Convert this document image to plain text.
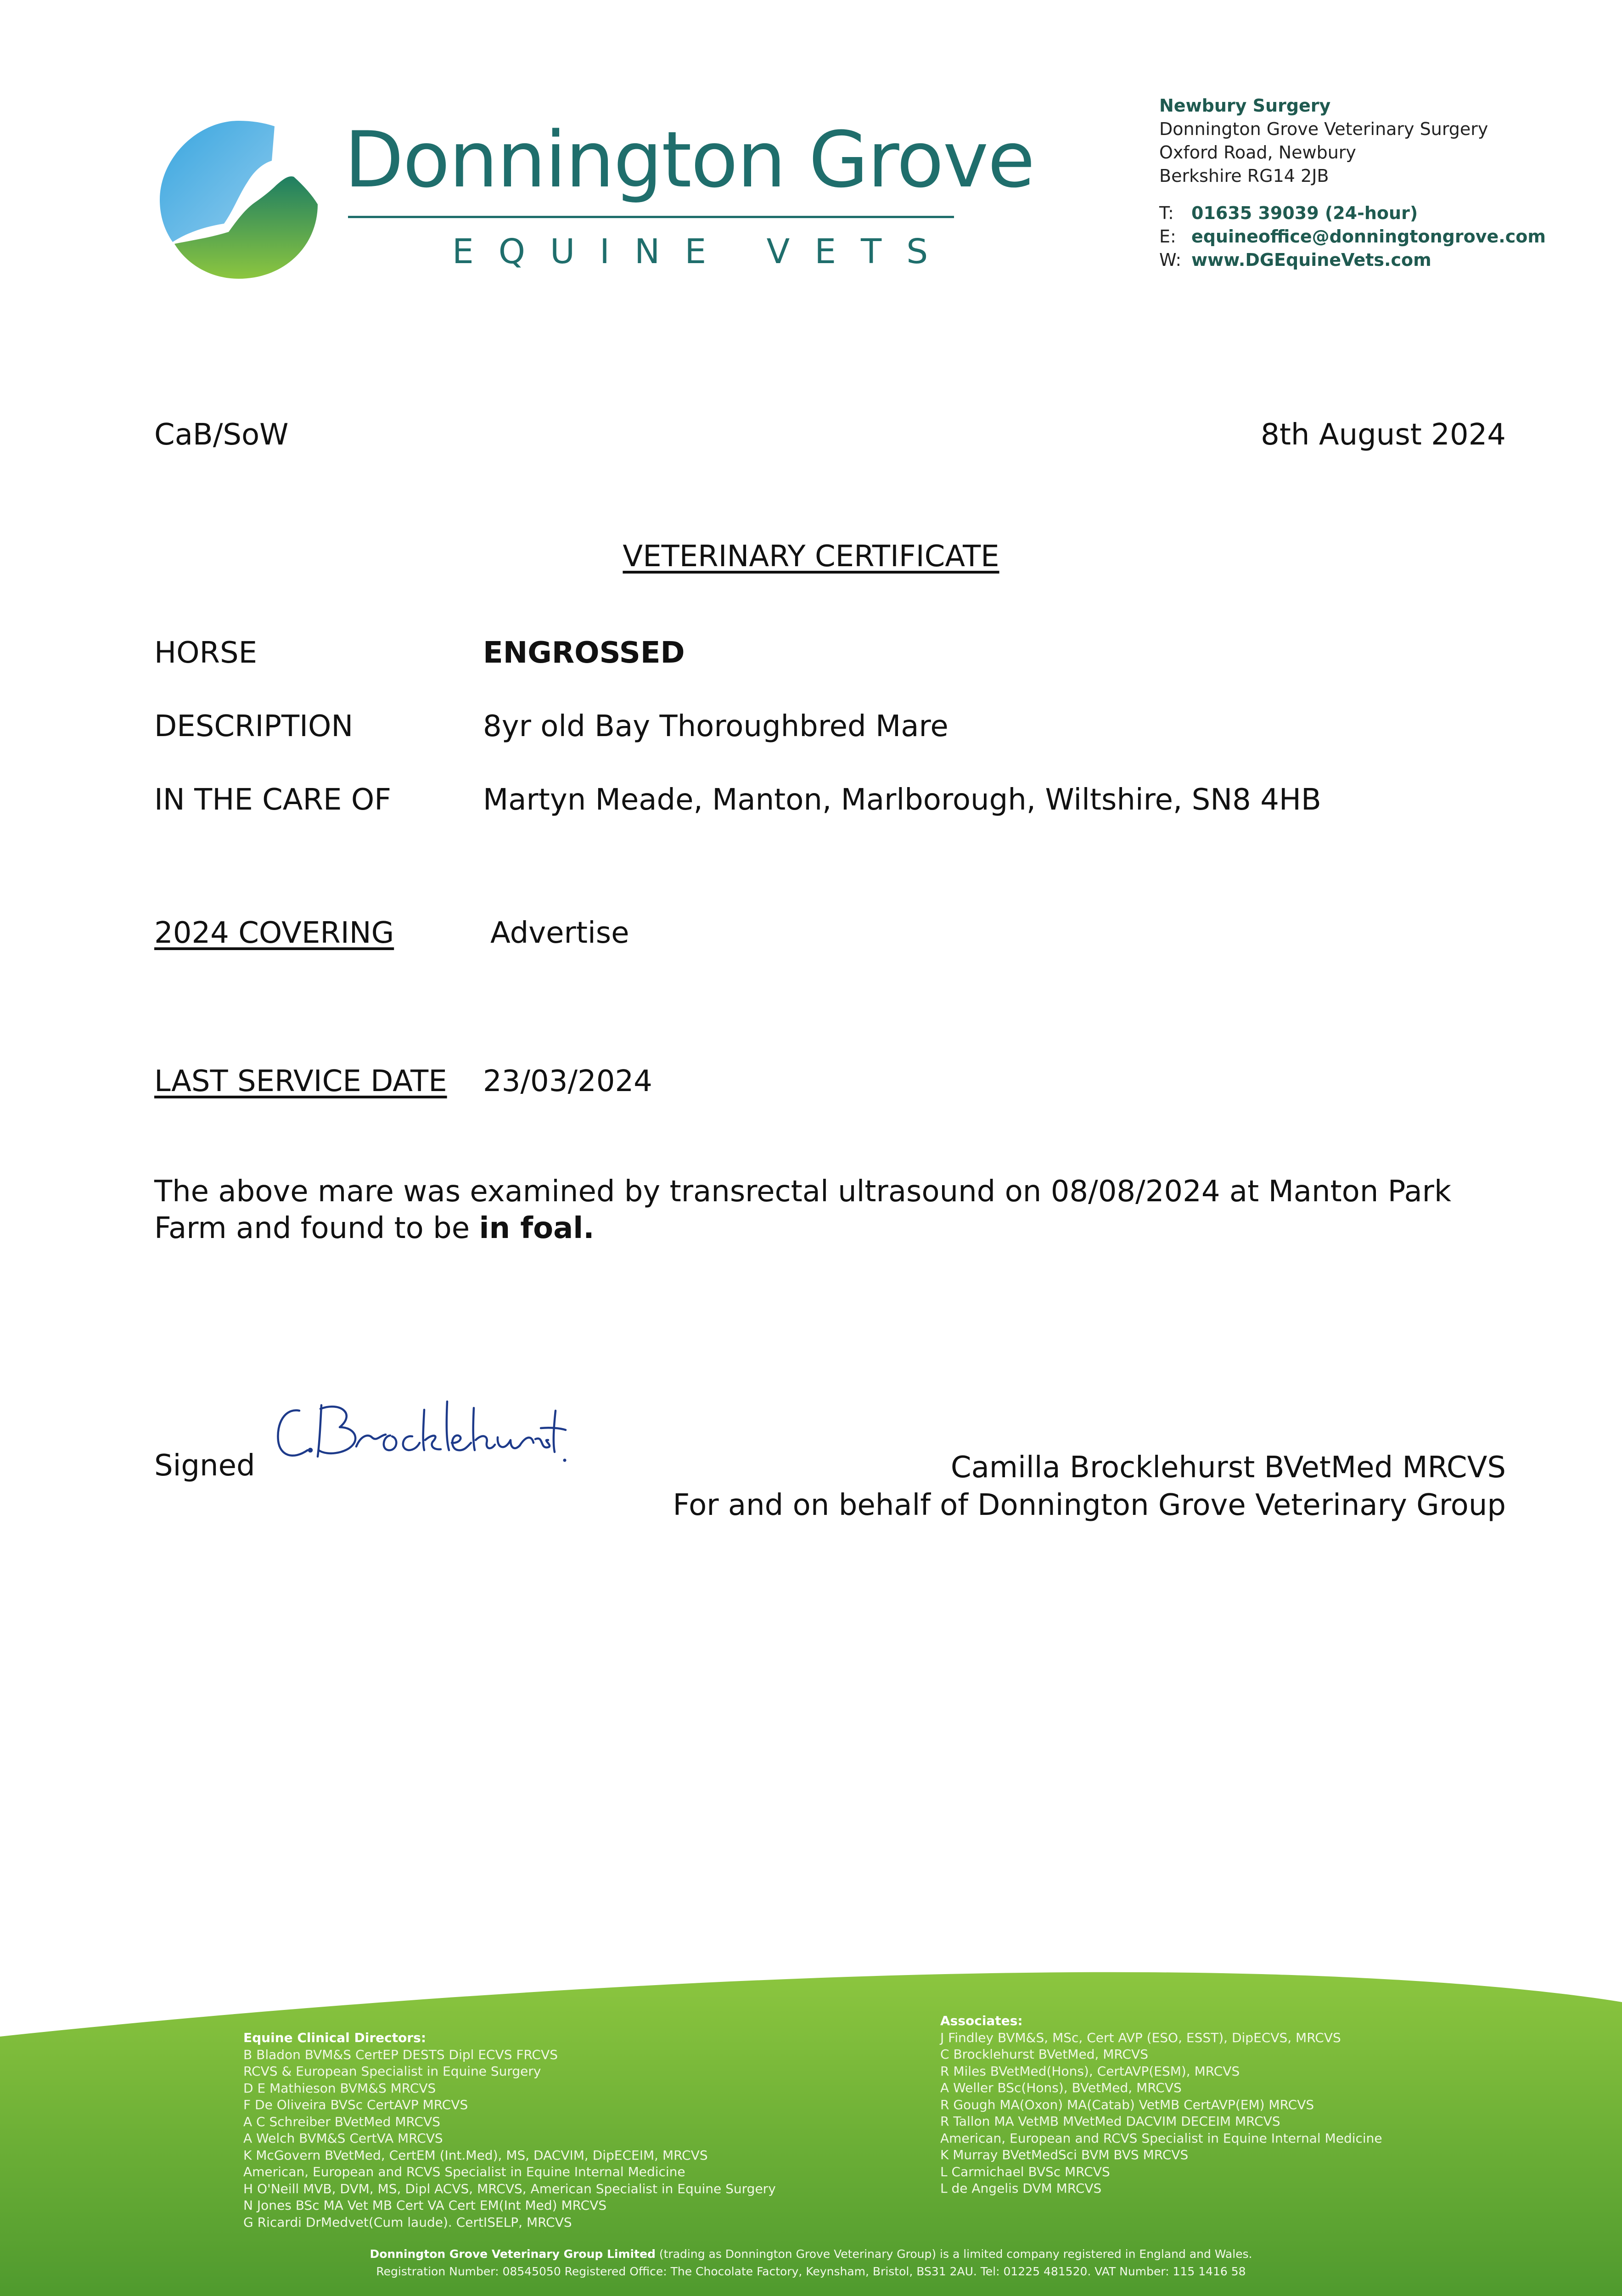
Donnington Grove
EQUINE VETS
Newbury Surgery
Donnington Grove Veterinary Surgery
Oxford Road, Newbury
Berkshire RG14 2JB
T: 01635 39039 (24-hour)
E: equineoffice@donningtongrove.com
W: www.DGEquineVets.com
CaB/SoW	8th August 2024
VETERINARY CERTIFICATE
HORSE	ENGROSSED
DESCRIPTION	8yr old Bay Thoroughbred Mare
IN THE CARE OF	Martyn Meade, Manton, Marlborough, Wiltshire, SN8 4HB
2024 COVERING	Advertise
LAST SERVICE DATE 23/03/2024
The above mare was examined by transrectal ultrasound on 08/08/2024 at Manton Park
Farm and found to be in foal.
Signed	Camilla Brocklehurst BVetMed MRCVS
For and on behalf of Donnington Grove Veterinary Group
Equine Clinical Directors:
B Bladon BVM&S CertEP DESTS Dipl ECVS FRCVS
RCVS & European Specialist in Equine Surgery
D E Mathieson BVM&S MRCVS
F De Oliveira BVSc CertAVP MRCVS
A C Schreiber BVetMed MRCVS
A Welch BVM&S CertVA MRCVS
K McGovern BVetMed, CertEM (Int.Med), MS, DACVIM, DipECEIM, MRCVS
American, European and RCVS Specialist in Equine Internal Medicine
H O'Neill MVB, DVM, MS, Dipl ACVS, MRCVS, American Specialist in Equine Surgery
N Jones BSc MA Vet MB Cert VA Cert EM(Int Med) MRCVS
G Ricardi DrMedvet(Cum laude). CertISELP, MRCVS
Associates:
J Findley BVM&S, MSc, Cert AVP (ESO, ESST), DipECVS, MRCVS
C Brocklehurst BVetMed, MRCVS
R Miles BVetMed(Hons), CertAVP(ESM), MRCVS
A Weller BSc(Hons), BVetMed, MRCVS
R Gough MA(Oxon) MA(Catab) VetMB CertAVP(EM) MRCVS
R Tallon MA VetMB MVetMed DACVIM DECEIM MRCVS
American, European and RCVS Specialist in Equine Internal Medicine
K Murray BVetMedSci BVM BVS MRCVS
L Carmichael BVSc MRCVS
L de Angelis DVM MRCVS
Donnington Grove Veterinary Group Limited (trading as Donnington Grove Veterinary Group) is a limited company registered in England and Wales.
Registration Number: 08545050 Registered Office: The Chocolate Factory, Keynsham, Bristol, BS31 2AU. Tel: 01225 481520. VAT Number: 115 1416 58
